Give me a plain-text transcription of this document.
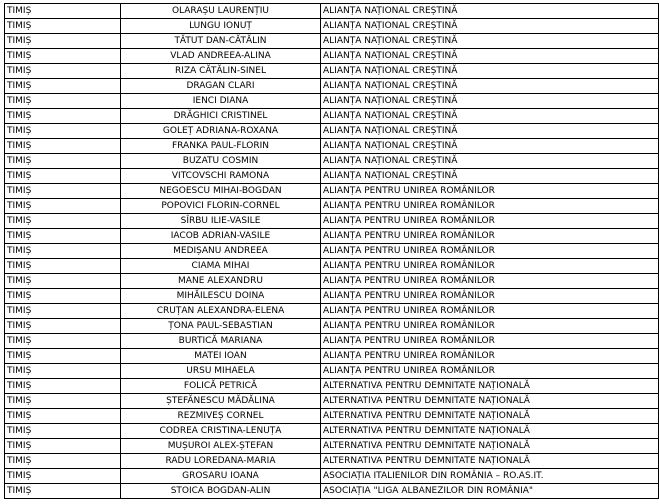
TIMIȘ	OLARAȘU LAURENȚIU	ALIANȚA NAȚIONAL CREȘTINĂ
TIMIȘ	LUNGU IONUȚ	ALIANȚA NAȚIONAL CREȘTINĂ
TIMIȘ	TĂTUT DAN-CĂTĂLIN	ALIANȚA NAȚIONAL CREȘTINĂ
TIMIȘ	VLAD ANDREEA-ALINA	ALIANȚA NAȚIONAL CREȘTINĂ
TIMIȘ	RIZA CĂTĂLIN-SINEL	ALIANȚA NAȚIONAL CREȘTINĂ
TIMIȘ	DRAGAN CLARI	ALIANȚA NAȚIONAL CREȘTINĂ
TIMIȘ	IENCI DIANA	ALIANȚA NAȚIONAL CREȘTINĂ
TIMIȘ	DRĂGHICI CRISTINEL	ALIANȚA NAȚIONAL CREȘTINĂ
TIMIȘ	GOLEȚ ADRIANA-ROXANA	ALIANȚA NAȚIONAL CREȘTINĂ
TIMIȘ	FRANKA PAUL-FLORIN	ALIANȚA NAȚIONAL CREȘTINĂ
TIMIȘ	BUZATU COSMIN	ALIANȚA NAȚIONAL CREȘTINĂ
TIMIȘ	VITCOVSCHI RAMONA	ALIANȚA NAȚIONAL CREȘTINĂ
TIMIȘ	NEGOESCU MIHAI-BOGDAN	ALIANȚA PENTRU UNIREA ROMÂNILOR
TIMIȘ	POPOVICI FLORIN-CORNEL	ALIANȚA PENTRU UNIREA ROMÂNILOR
TIMIȘ	SÎRBU ILIE-VASILE	ALIANȚA PENTRU UNIREA ROMÂNILOR
TIMIȘ	IACOB ADRIAN-VASILE	ALIANȚA PENTRU UNIREA ROMÂNILOR
TIMIȘ	MEDIȘANU ANDREEA	ALIANȚA PENTRU UNIREA ROMÂNILOR
TIMIȘ	CIAMA MIHAI	ALIANȚA PENTRU UNIREA ROMÂNILOR
TIMIȘ	MANE ALEXANDRU	ALIANȚA PENTRU UNIREA ROMÂNILOR
TIMIȘ	MIHĂILESCU DOINA	ALIANȚA PENTRU UNIREA ROMÂNILOR
TIMIȘ	CRUȚAN ALEXANDRA-ELENA	ALIANȚA PENTRU UNIREA ROMÂNILOR
TIMIȘ	ȚONA PAUL-SEBASTIAN	ALIANȚA PENTRU UNIREA ROMÂNILOR
TIMIȘ	BURTICĂ MARIANA	ALIANȚA PENTRU UNIREA ROMÂNILOR
TIMIȘ	MATEI IOAN	ALIANȚA PENTRU UNIREA ROMÂNILOR
TIMIȘ	URSU MIHAELA	ALIANȚA PENTRU UNIREA ROMÂNILOR
TIMIȘ	FOLICĂ PETRICĂ	ALTERNATIVA PENTRU DEMNITATE NAȚIONALĂ
TIMIȘ	ȘTEFĂNESCU MĂDĂLINA	ALTERNATIVA PENTRU DEMNITATE NAȚIONALĂ
TIMIȘ	REZMIVEȘ CORNEL	ALTERNATIVA PENTRU DEMNITATE NAȚIONALĂ
TIMIȘ	CODREA CRISTINA-LENUȚA	ALTERNATIVA PENTRU DEMNITATE NAȚIONALĂ
TIMIȘ	MUȘUROI ALEX-ȘTEFAN	ALTERNATIVA PENTRU DEMNITATE NAȚIONALĂ
TIMIȘ	RADU LOREDANA-MARIA	ALTERNATIVA PENTRU DEMNITATE NAȚIONALĂ
TIMIȘ	GROSARU IOANA	ASOCIAȚIA ITALIENILOR DIN ROMÂNIA – RO.AS.IT.
TIMIȘ	STOICA BOGDAN-ALIN	ASOCIAȚIA "LIGA ALBANEZILOR DIN ROMÂNIA"
